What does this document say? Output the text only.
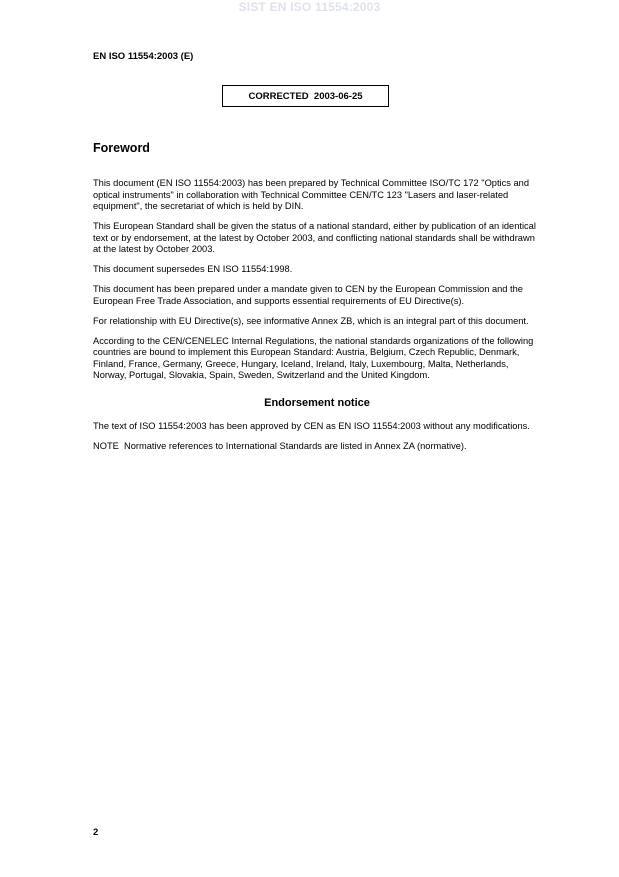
SIST EN ISO 11554:2003
EN ISO 11554:2003 (E)
CORRECTED  2003-06-25
Foreword

This document (EN ISO 11554:2003) has been prepared by Technical Committee ISO/TC 172 "Optics and optical instruments" in collaboration with Technical Committee CEN/TC 123 "Lasers and laser-related equipment", the secretariat of which is held by DIN.

This European Standard shall be given the status of a national standard, either by publication of an identical text or by endorsement, at the latest by October 2003, and conflicting national standards shall be withdrawn at the latest by October 2003.

This document supersedes EN ISO 11554:1998.

This document has been prepared under a mandate given to CEN by the European Commission and the European Free Trade Association, and supports essential requirements of EU Directive(s).

For relationship with EU Directive(s), see informative Annex ZB, which is an integral part of this document.

According to the CEN/CENELEC Internal Regulations, the national standards organizations of the following countries are bound to implement this European Standard: Austria, Belgium, Czech Republic, Denmark, Finland, France, Germany, Greece, Hungary, Iceland, Ireland, Italy, Luxembourg, Malta, Netherlands, Norway, Portugal, Slovakia, Spain, Sweden, Switzerland and the United Kingdom.

Endorsement notice

The text of ISO 11554:2003 has been approved by CEN as EN ISO 11554:2003 without any modifications.

NOTE  Normative references to International Standards are listed in Annex ZA (normative).

2
